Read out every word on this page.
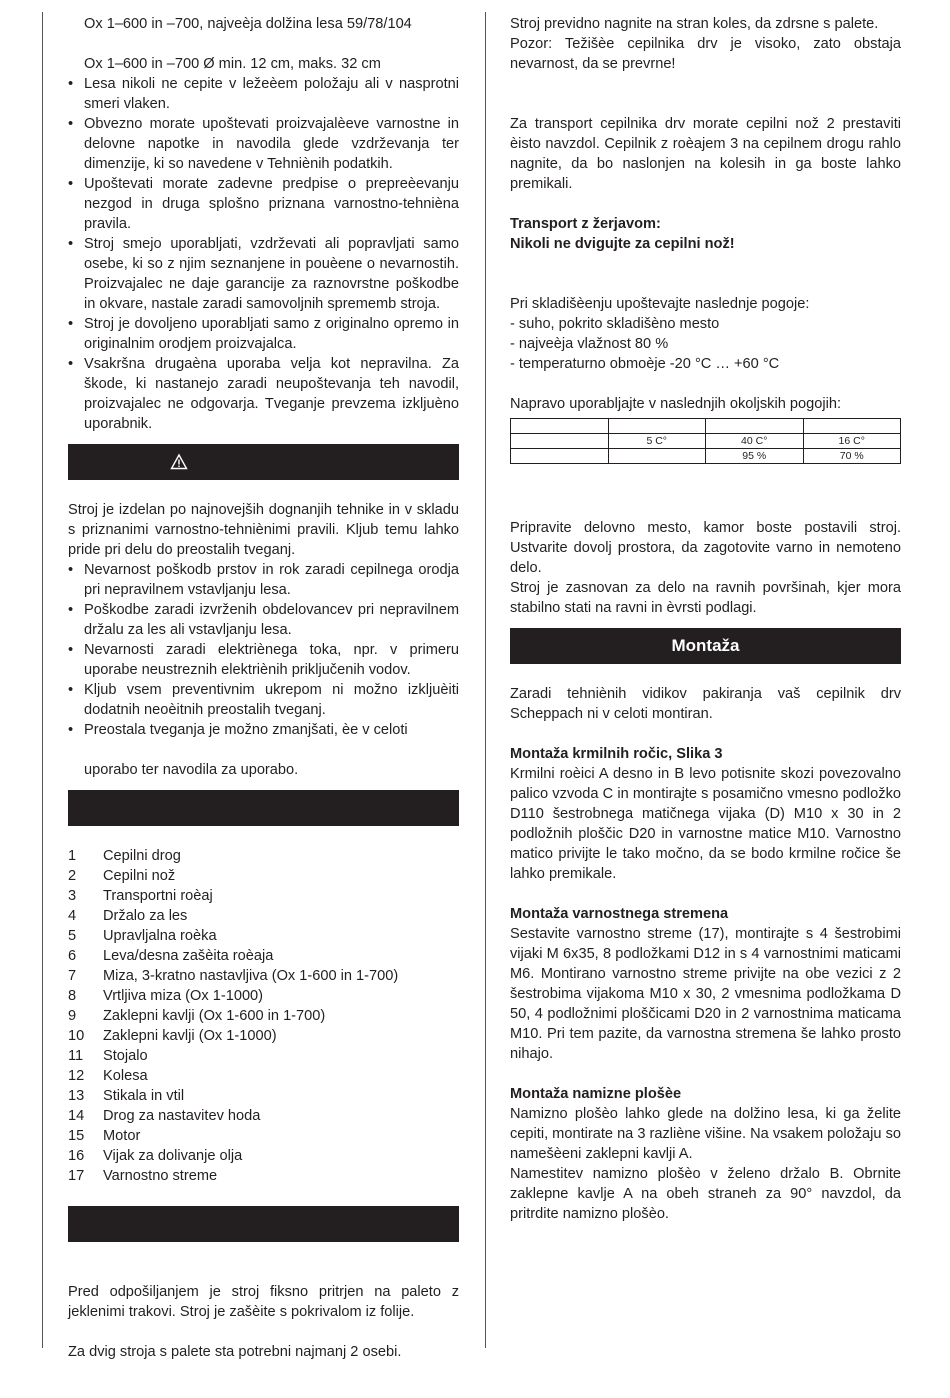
Ox 1–600 in –700, najveèja dolžina lesa 59/78/104

Ox 1–600 in –700 Ø min. 12 cm, maks. 32 cm

• Lesa nikoli ne cepite v ležeèem položaju ali v nasprotni smeri vlaken.
• Obvezno morate upoštevati proizvajalèeve varnostne in delovne napotke in navodila glede vzdrževanja ter dimenzije, ki so navedene v Tehniènih podatkih.
• Upoštevati morate zadevne predpise o prepreèevanju nezgod in druga splošno priznana varnostno-tehnièna pravila.
• Stroj smejo uporabljati, vzdrževati ali popravljati samo osebe, ki so z njim seznanjene in pouèene o nevarnostih. Proizvajalec ne daje garancije za raznovrstne poškodbe in okvare, nastale zaradi samovoljnih sprememb stroja.
• Stroj je dovoljeno uporabljati samo z originalno opremo in originalnim orodjem proizvajalca.
• Vsakršna drugaèna uporaba velja kot nepravilna. Za škode, ki nastanejo zaradi neupoštevanja teh navodil, proizvajalec ne odgovarja. Tveganje prevzema izkljuèno uporabnik.

Stroj je izdelan po najnovejših dognanjih tehnike in v skladu s priznanimi varnostno-tehniènimi pravili. Kljub temu lahko pride pri delu do preostalih tveganj.

• Nevarnost poškodb prstov in rok zaradi cepilnega orodja pri nepravilnem vstavljanju lesa.
• Poškodbe zaradi izvrženih obdelovancev pri nepravilnem držalu za les ali vstavljanju lesa.
• Nevarnosti zaradi elektriènega toka, npr. v primeru uporabe neustreznih elektriènih priključenih vodov.
• Kljub vsem preventivnim ukrepom ni možno izkljuèiti dodatnih neoèitnih preostalih tveganj.
• Preostala tveganja je možno zmanjšati, èe v celoti

uporabo ter navodila za uporabo.

1	Cepilni drog
2	Cepilni nož
3	Transportni roèaj
4	Držalo za les
5	Upravljalna roèka
6	Leva/desna zašèita roèaja
7	Miza, 3-kratno nastavljiva (Ox 1-600 in 1-700)
8	Vrtljiva miza (Ox 1-1000)
9	Zaklepni kavlji (Ox 1-600 in 1-700)
10	Zaklepni kavlji (Ox 1-1000)
11	Stojalo
12	Kolesa
13	Stikala in vtil
14	Drog za nastavitev hoda
15	Motor
16	Vijak za dolivanje olja
17	Varnostno streme

Pred odpošiljanjem je stroj fiksno pritrjen na paleto z jeklenimi trakovi. Stroj je zašèite s pokrivalom iz folije.

Za dvig stroja s palete sta potrebni najmanj 2 osebi.

Stroj previdno nagnite na stran koles, da zdrsne s palete.

Pozor: Težišèe cepilnika drv je visoko, zato obstaja nevarnost, da se prevrne!

Za transport cepilnika drv morate cepilni nož 2 prestaviti èisto navzdol. Cepilnik z roèajem 3 na cepilnem drogu rahlo nagnite, da bo naslonjen na kolesih in ga boste lahko premikali.

Transport z žerjavom:

Nikoli ne dvigujte za cepilni nož!

Pri skladišèenju upoštevajte naslednje pogoje:

- suho, pokrito skladišèno mesto

- najveèja vlažnost 80 %

- temperaturno obmoèje -20 °C … +60 °C

Napravo uporabljajte v naslednjih okoljskih pogojih:

	5 C°	40 C°	16 C°
		95 %	70 %

Pripravite delovno mesto, kamor boste postavili stroj. Ustvarite dovolj prostora, da zagotovite varno in nemoteno delo.

Stroj je zasnovan za delo na ravnih površinah, kjer mora stabilno stati na ravni in èvrsti podlagi.

Montaža

Zaradi tehniènih vidikov pakiranja vaš cepilnik drv Scheppach ni v celoti montiran.

Montaža krmilnih ročic, Slika 3

Krmilni roèici A desno in B levo potisnite skozi povezovalno palico vzvoda C in montirajte s posamično vmesno podložko D110 šestrobnega matičnega vijaka (D) M10 x 30 in 2 podložnih ploščic D20 in varnostne matice M10. Varnostno matico privijte le tako močno, da se bodo krmilne ročice še lahko premikale.

Montaža varnostnega stremena

Sestavite varnostno streme (17), montirajte s 4 šestrobimi vijaki M 6x35, 8 podložkami D12 in s 4 varnostnimi maticami M6. Montirano varnostno streme privijte na obe vezici z 2 šestrobima vijakoma M10 x 30, 2 vmesnima podložkama D 50, 4 podložnimi ploščicami D20 in 2 varnostnima maticama M10. Pri tem pazite, da varnostna stremena še lahko prosto nihajo.

Montaža namizne plošèe

Namizno plošèo lahko glede na dolžino lesa, ki ga želite cepiti, montirate na 3 razliène višine. Na vsakem položaju so namešèeni zaklepni kavlji A.

Namestitev namizno plošèo v želeno držalo B. Obrnite zaklepne kavlje A na obeh straneh za 90° navzdol, da pritrdite namizno plošèo.
